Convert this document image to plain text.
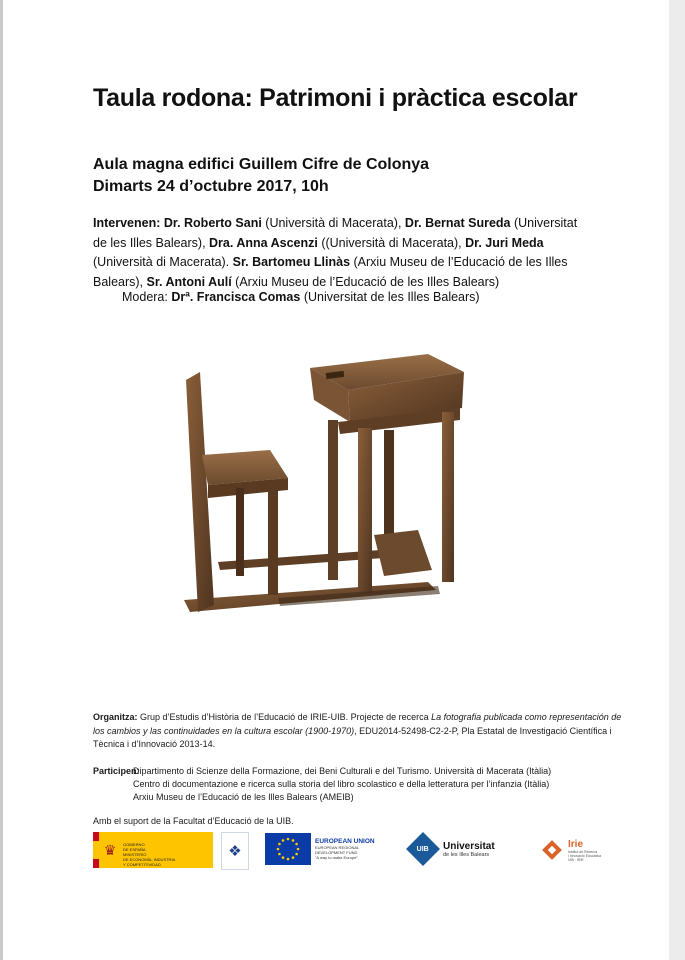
Taula rodona: Patrimoni i pràctica escolar
Aula magna edifici Guillem Cifre de Colonya
Dimarts 24 d’octubre 2017, 10h

Intervenen: Dr. Roberto Sani (Università di Macerata), Dr. Bernat Sureda (Universitat de les Illes Balears), Dra. Anna Ascenzi ((Università di Macerata), Dr. Juri Meda (Università di Macerata). Sr. Bartomeu Llinàs (Arxiu Museu de l’Educació de les Illes Balears), Sr. Antoni Aulí (Arxiu Museu de l’Educació de les Illes Balears)

Modera: Drª. Francisca Comas (Universitat de les Illes Balears)
Organitza: Grup d’Estudis d’Història de l’Educació de IRIE-UIB. Projecte de recerca La fotografia publicada como representación de los cambios y las continuidades en la cultura escolar (1900-1970), EDU2014-52498-C2-2-P, Pla Estatal de Investigació Científica i Tècnica i d’Innovació 2013-14.
Participen:
Dipartimento di Scienze della Formazione, dei Beni Culturali e del Turismo. Università di Macerata (Itàlia)
Centro di documentazione e ricerca sulla storia del libro scolastico e della letteratura per l’infanzia (Itàlia)
Arxiu Museu de l’Educació de les Illes Balears (AMEIB)
Amb el suport de la Facultat d’Educació de la UIB.
♛	GOBIERNO
DE ESPAÑA
MINISTERIO
DE ECONOMÍA, INDUSTRIA
Y COMPETITIVIDAD
❖
EUROPEAN UNION
EUROPEAN REGIONAL
DEVELOPMENT FUND
"A way to make Europe"
UIB Universitat
de les Illes Balears
Irie
Institut de Recerca
i Innovació Educativa
UIB · IRIE
